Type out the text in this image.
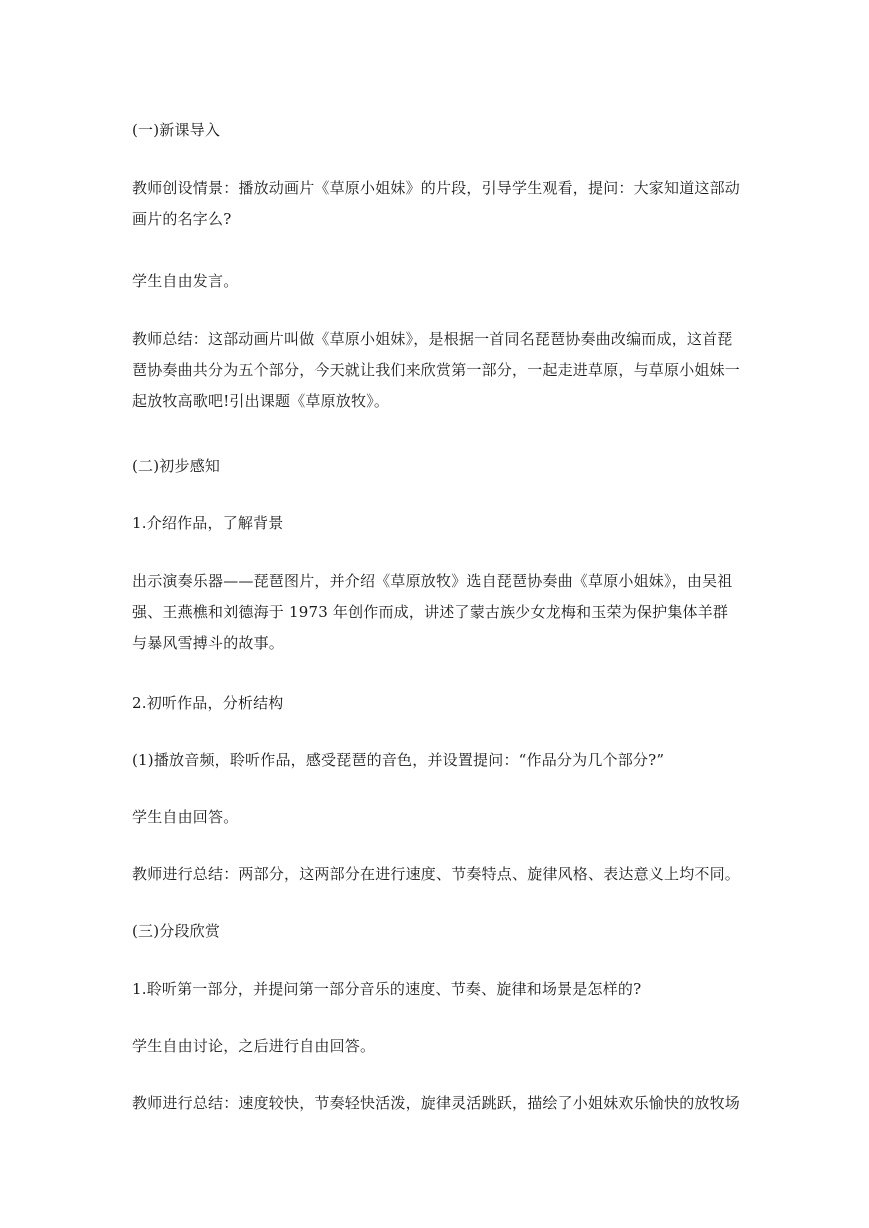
(一)新课导入

教师创设情景：播放动画片《草原小姐妹》的片段，引导学生观看，提问：大家知道这部动画片的名字么?

学生自由发言。

教师总结：这部动画片叫做《草原小姐妹》，是根据一首同名琵琶协奏曲改编而成，这首琵琶协奏曲共分为五个部分，今天就让我们来欣赏第一部分，一起走进草原，与草原小姐妹一起放牧高歌吧!引出课题《草原放牧》。

(二)初步感知

1.介绍作品，了解背景

出示演奏乐器——琵琶图片，并介绍《草原放牧》选自琵琶协奏曲《草原小姐妹》，由吴祖强、王燕樵和刘德海于 1973 年创作而成，讲述了蒙古族少女龙梅和玉荣为保护集体羊群与暴风雪搏斗的故事。

2.初听作品，分析结构

(1)播放音频，聆听作品，感受琵琶的音色，并设置提问：“作品分为几个部分?”

学生自由回答。

教师进行总结：两部分，这两部分在进行速度、节奏特点、旋律风格、表达意义上均不同。

(三)分段欣赏

1.聆听第一部分，并提问第一部分音乐的速度、节奏、旋律和场景是怎样的?

学生自由讨论，之后进行自由回答。

教师进行总结：速度较快，节奏轻快活泼，旋律灵活跳跃，描绘了小姐妹欢乐愉快的放牧场
